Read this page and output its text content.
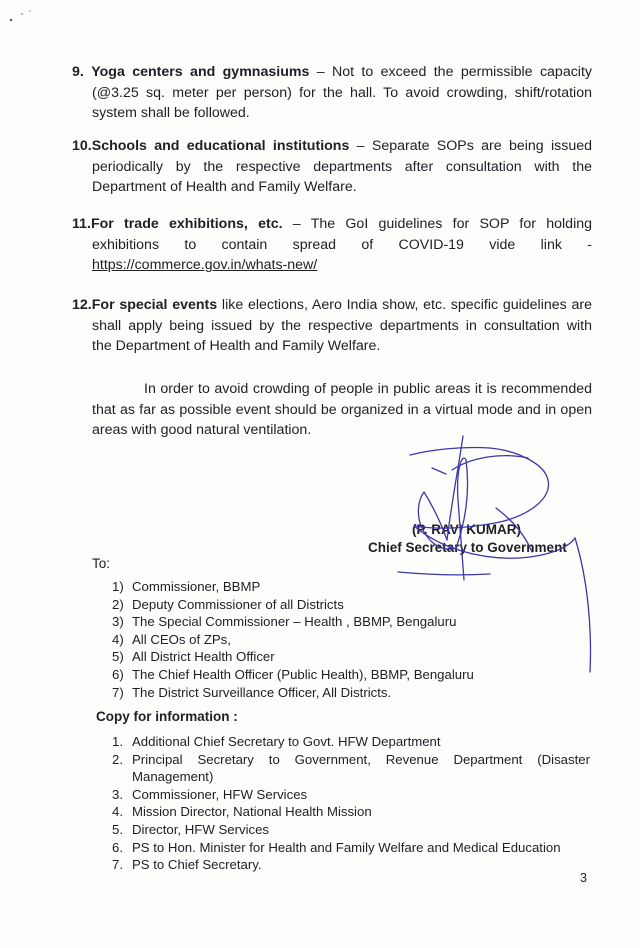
9. Yoga centers and gymnasiums – Not to exceed the permissible capacity
(@3.25 sq. meter per person) for the hall. To avoid crowding, shift/rotation
system shall be followed.
10.Schools and educational institutions – Separate SOPs are being issued
periodically by the respective departments after consultation with the
Department of Health and Family Welfare.
11.For trade exhibitions, etc. – The GoI guidelines for SOP for holding
exhibitions to contain spread of COVID-19 vide link -
https://commerce.gov.in/whats-new/
12.For special events like elections, Aero India show, etc. specific guidelines are
shall apply being issued by the respective departments in consultation with
the Department of Health and Family Welfare.
In order to avoid crowding of people in public areas it is recommended
that as far as possible event should be organized in a virtual mode and in open
areas with good natural ventilation.
(P. RAVI KUMAR)
Chief Secretary to Government
To:
1) Commissioner, BBMP
2) Deputy Commissioner of all Districts
3) The Special Commissioner – Health , BBMP, Bengaluru
4) All CEOs of ZPs,
5) All District Health Officer
6) The Chief Health Officer (Public Health), BBMP, Bengaluru
7) The District Surveillance Officer, All Districts.
Copy for information :
1. Additional Chief Secretary to Govt. HFW Department
2. Principal Secretary to Government, Revenue Department (Disaster Management)
3. Commissioner, HFW Services
4. Mission Director, National Health Mission
5. Director, HFW Services
6. PS to Hon. Minister for Health and Family Welfare and Medical Education
7. PS to Chief Secretary.
3
